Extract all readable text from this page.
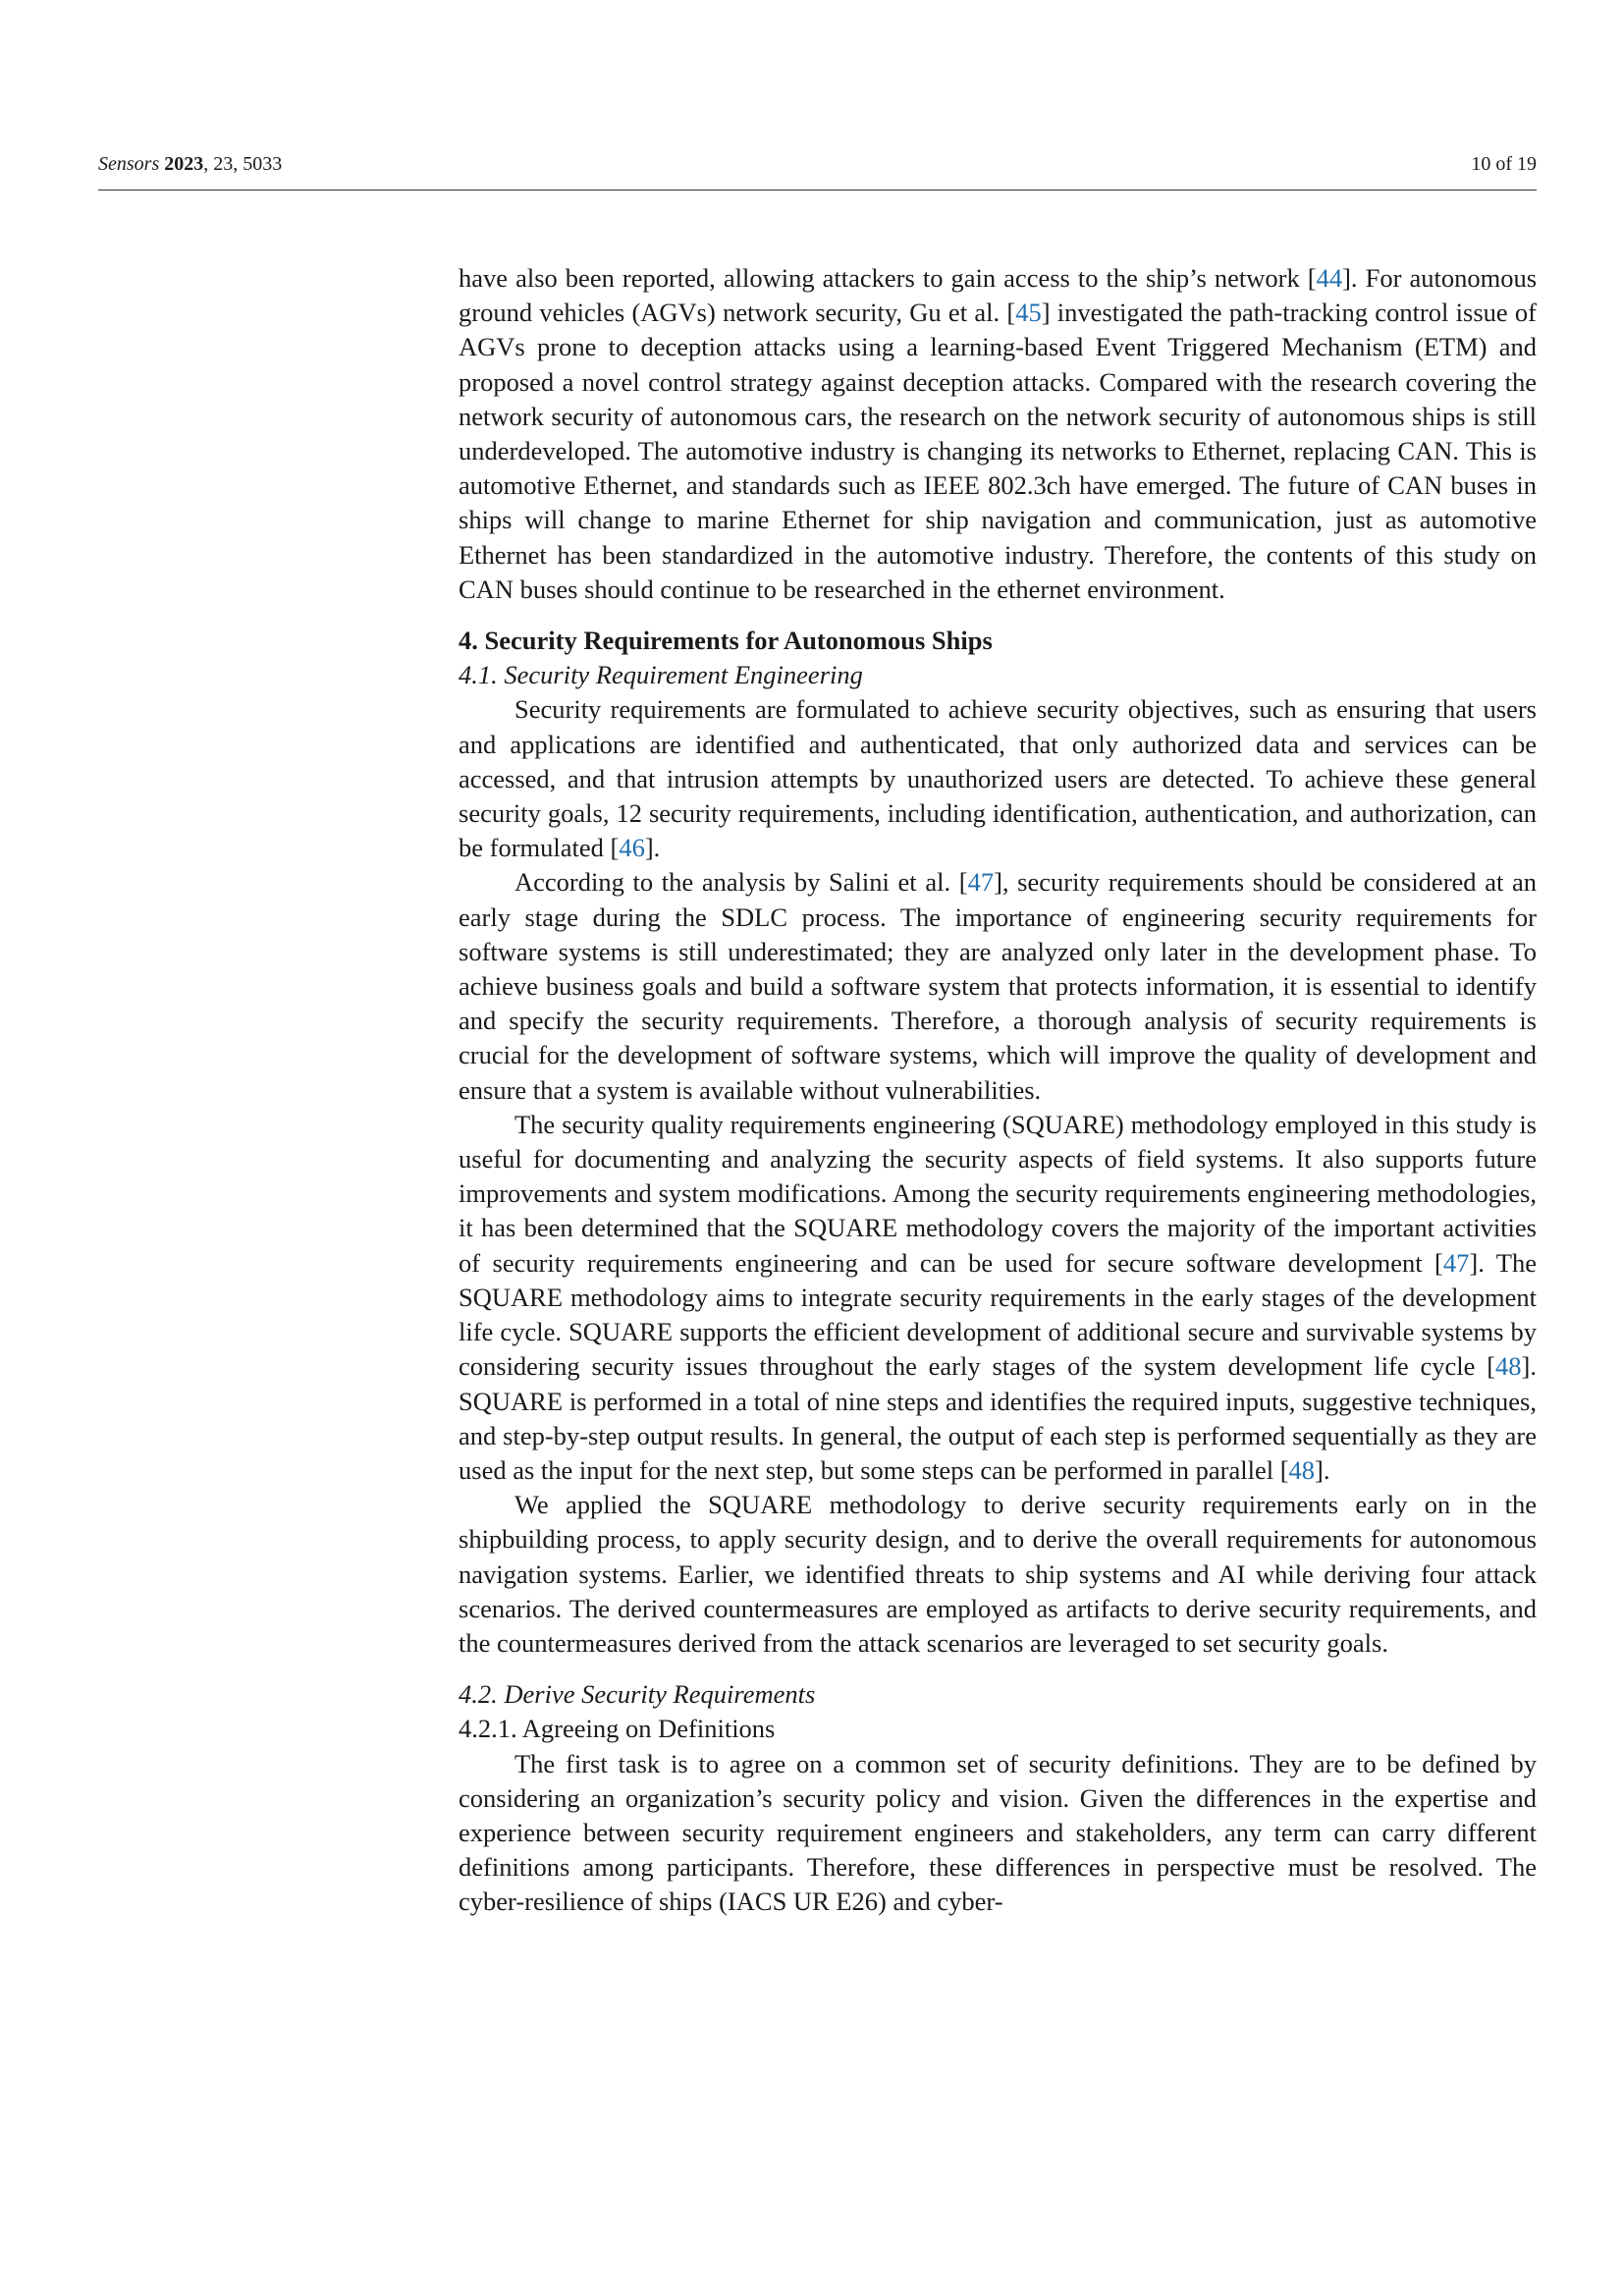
Sensors 2023, 23, 5033	10 of 19

have also been reported, allowing attackers to gain access to the ship’s network [44]. For autonomous ground vehicles (AGVs) network security, Gu et al. [45] investigated the path-tracking control issue of AGVs prone to deception attacks using a learning-based Event Triggered Mechanism (ETM) and proposed a novel control strategy against deception attacks. Compared with the research covering the network security of autonomous cars, the research on the network security of autonomous ships is still underdeveloped. The automotive industry is changing its networks to Ethernet, replacing CAN. This is automotive Ethernet, and standards such as IEEE 802.3ch have emerged. The future of CAN buses in ships will change to marine Ethernet for ship navigation and communication, just as automotive Ethernet has been standardized in the automotive industry. Therefore, the contents of this study on CAN buses should continue to be researched in the ethernet environment.

4. Security Requirements for Autonomous Ships

4.1. Security Requirement Engineering

Security requirements are formulated to achieve security objectives, such as ensuring that users and applications are identified and authenticated, that only authorized data and services can be accessed, and that intrusion attempts by unauthorized users are detected. To achieve these general security goals, 12 security requirements, including identification, authentication, and authorization, can be formulated [46].

According to the analysis by Salini et al. [47], security requirements should be considered at an early stage during the SDLC process. The importance of engineering security requirements for software systems is still underestimated; they are analyzed only later in the development phase. To achieve business goals and build a software system that protects information, it is essential to identify and specify the security requirements. Therefore, a thorough analysis of security requirements is crucial for the development of software systems, which will improve the quality of development and ensure that a system is available without vulnerabilities.

The security quality requirements engineering (SQUARE) methodology employed in this study is useful for documenting and analyzing the security aspects of field systems. It also supports future improvements and system modifications. Among the security requirements engineering methodologies, it has been determined that the SQUARE methodology covers the majority of the important activities of security requirements engineering and can be used for secure software development [47]. The SQUARE methodology aims to integrate security requirements in the early stages of the development life cycle. SQUARE supports the efficient development of additional secure and survivable systems by considering security issues throughout the early stages of the system development life cycle [48]. SQUARE is performed in a total of nine steps and identifies the required inputs, suggestive techniques, and step-by-step output results. In general, the output of each step is performed sequentially as they are used as the input for the next step, but some steps can be performed in parallel [48].

We applied the SQUARE methodology to derive security requirements early on in the shipbuilding process, to apply security design, and to derive the overall requirements for autonomous navigation systems. Earlier, we identified threats to ship systems and AI while deriving four attack scenarios. The derived countermeasures are employed as artifacts to derive security requirements, and the countermeasures derived from the attack scenarios are leveraged to set security goals.

4.2. Derive Security Requirements

4.2.1. Agreeing on Definitions

The first task is to agree on a common set of security definitions. They are to be defined by considering an organization’s security policy and vision. Given the differences in the expertise and experience between security requirement engineers and stakeholders, any term can carry different definitions among participants. Therefore, these differences in perspective must be resolved. The cyber-resilience of ships (IACS UR E26) and cyber-
